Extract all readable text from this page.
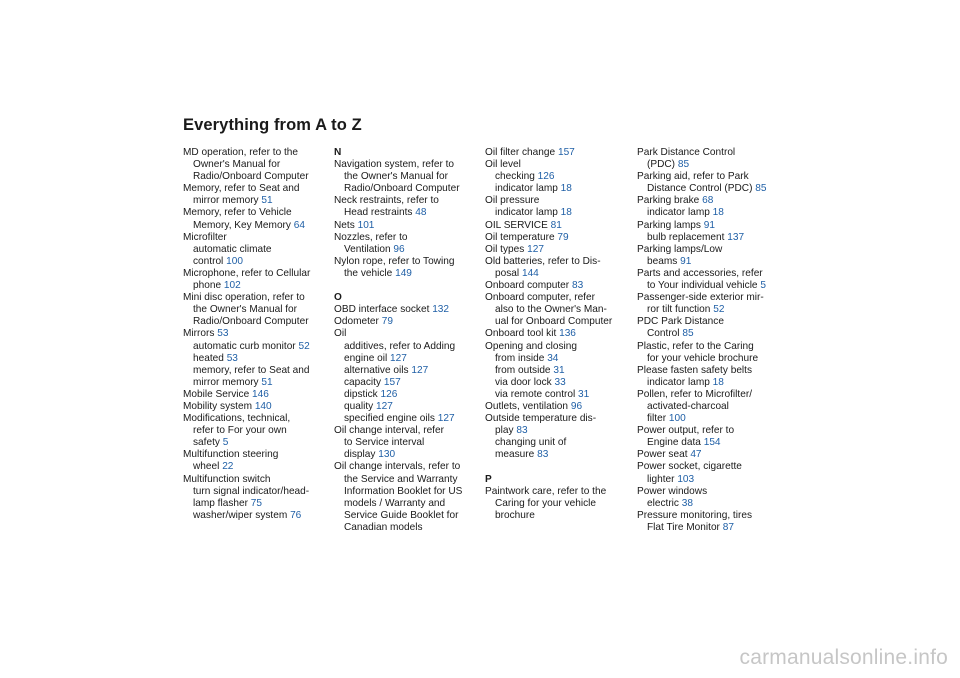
Everything from A to Z
MD operation, refer to the
Owner's Manual for
Radio/Onboard Computer
Memory, refer to Seat and
mirror memory 51
Memory, refer to Vehicle
Memory, Key Memory 64
Microfilter
automatic climate
control 100
Microphone, refer to Cellular
phone 102
Mini disc operation, refer to
the Owner's Manual for
Radio/Onboard Computer
Mirrors 53
automatic curb monitor 52
heated 53
memory, refer to Seat and
mirror memory 51
Mobile Service 146
Mobility system 140
Modifications, technical,
refer to For your own
safety 5
Multifunction steering
wheel 22
Multifunction switch
turn signal indicator/head-
lamp flasher 75
washer/wiper system 76
N
Navigation system, refer to
the Owner's Manual for
Radio/Onboard Computer
Neck restraints, refer to
Head restraints 48
Nets 101
Nozzles, refer to
Ventilation 96
Nylon rope, refer to Towing
the vehicle 149
O
OBD interface socket 132
Odometer 79
Oil
additives, refer to Adding
engine oil 127
alternative oils 127
capacity 157
dipstick 126
quality 127
specified engine oils 127
Oil change interval, refer
to Service interval
display 130
Oil change intervals, refer to
the Service and Warranty
Information Booklet for US
models / Warranty and
Service Guide Booklet for
Canadian models
Oil filter change 157
Oil level
checking 126
indicator lamp 18
Oil pressure
indicator lamp 18
OIL SERVICE 81
Oil temperature 79
Oil types 127
Old batteries, refer to Dis-
posal 144
Onboard computer 83
Onboard computer, refer
also to the Owner's Man-
ual for Onboard Computer
Onboard tool kit 136
Opening and closing
from inside 34
from outside 31
via door lock 33
via remote control 31
Outlets, ventilation 96
Outside temperature dis-
play 83
changing unit of
measure 83
P
Paintwork care, refer to the
Caring for your vehicle
brochure
Park Distance Control
(PDC) 85
Parking aid, refer to Park
Distance Control (PDC) 85
Parking brake 68
indicator lamp 18
Parking lamps 91
bulb replacement 137
Parking lamps/Low
beams 91
Parts and accessories, refer
to Your individual vehicle 5
Passenger-side exterior mir-
ror tilt function 52
PDC Park Distance
Control 85
Plastic, refer to the Caring
for your vehicle brochure
Please fasten safety belts
indicator lamp 18
Pollen, refer to Microfilter/
activated-charcoal
filter 100
Power output, refer to
Engine data 154
Power seat 47
Power socket, cigarette
lighter 103
Power windows
electric 38
Pressure monitoring, tires
Flat Tire Monitor 87
carmanualsonline.info
